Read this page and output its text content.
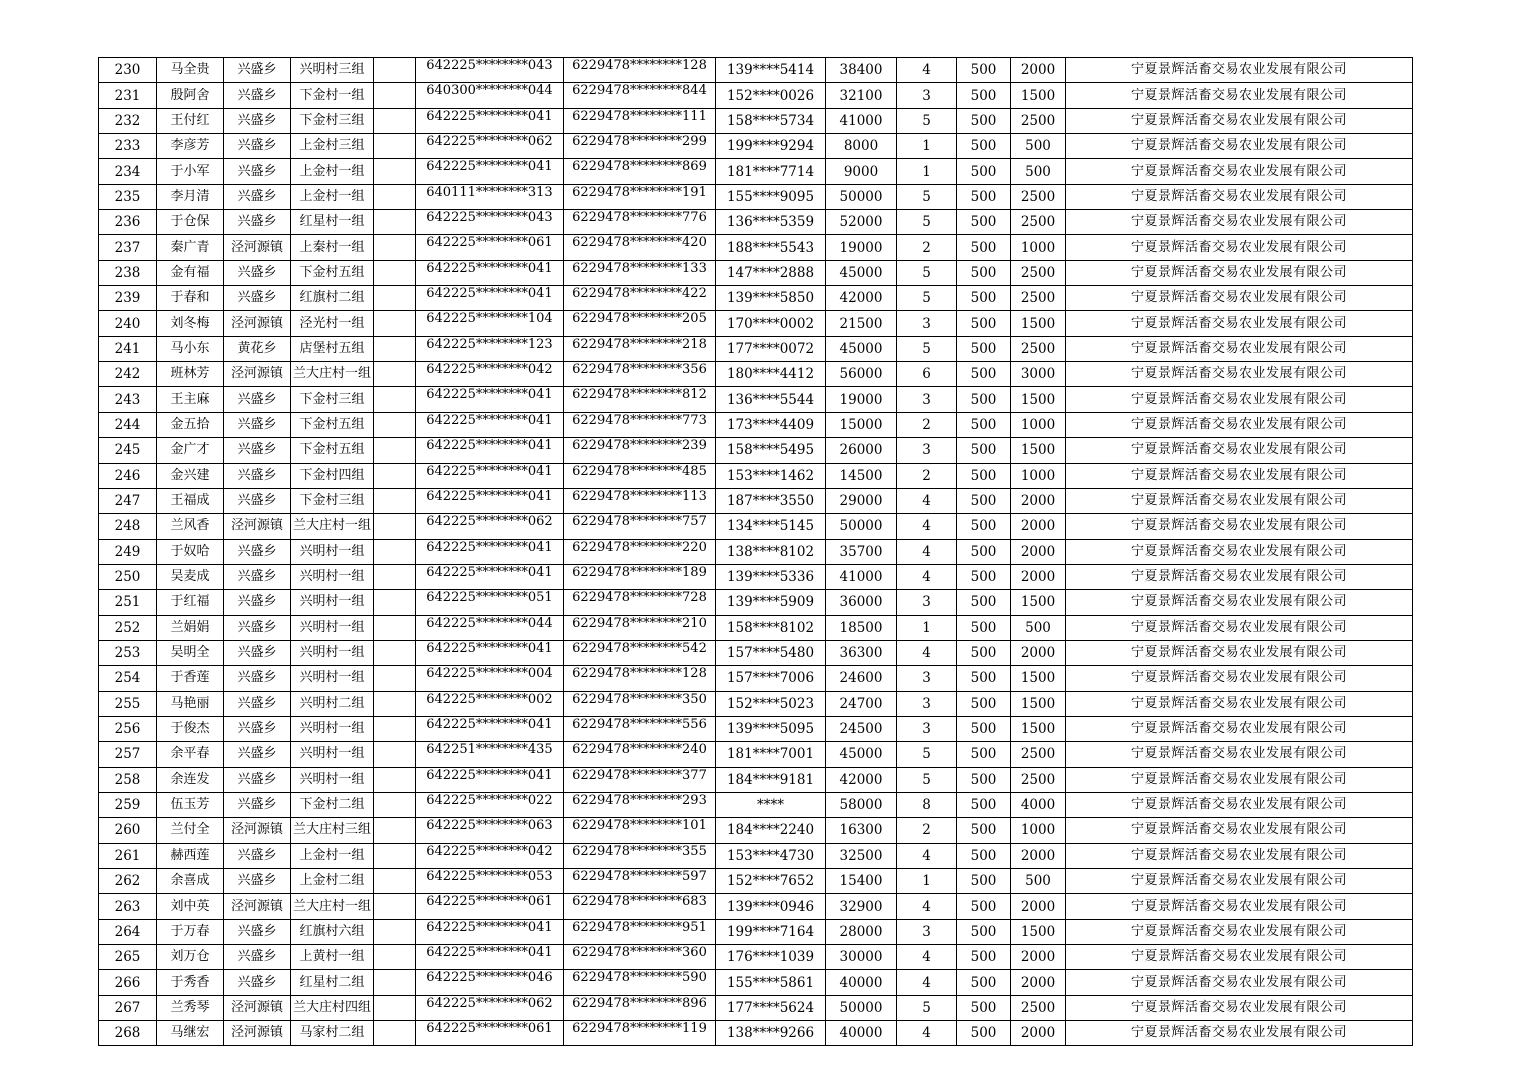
230	马全贵	兴盛乡	兴明村三组		642225********043	6229478********128	139****5414	38400	4	500	2000	宁夏景辉活畜交易农业发展有限公司
231	殷阿舍	兴盛乡	下金村一组		640300********044	6229478********844	152****0026	32100	3	500	1500	宁夏景辉活畜交易农业发展有限公司
232	王付红	兴盛乡	下金村三组		642225********041	6229478********111	158****5734	41000	5	500	2500	宁夏景辉活畜交易农业发展有限公司
233	李彦芳	兴盛乡	上金村三组		642225********062	6229478********299	199****9294	8000	1	500	500	宁夏景辉活畜交易农业发展有限公司
234	于小军	兴盛乡	上金村一组		642225********041	6229478********869	181****7714	9000	1	500	500	宁夏景辉活畜交易农业发展有限公司
235	李月清	兴盛乡	上金村一组		640111********313	6229478********191	155****9095	50000	5	500	2500	宁夏景辉活畜交易农业发展有限公司
236	于仓保	兴盛乡	红星村一组		642225********043	6229478********776	136****5359	52000	5	500	2500	宁夏景辉活畜交易农业发展有限公司
237	秦广青	泾河源镇	上秦村一组		642225********061	6229478********420	188****5543	19000	2	500	1000	宁夏景辉活畜交易农业发展有限公司
238	金有福	兴盛乡	下金村五组		642225********041	6229478********133	147****2888	45000	5	500	2500	宁夏景辉活畜交易农业发展有限公司
239	于春和	兴盛乡	红旗村二组		642225********041	6229478********422	139****5850	42000	5	500	2500	宁夏景辉活畜交易农业发展有限公司
240	刘冬梅	泾河源镇	泾光村一组		642225********104	6229478********205	170****0002	21500	3	500	1500	宁夏景辉活畜交易农业发展有限公司
241	马小东	黄花乡	店堡村五组		642225********123	6229478********218	177****0072	45000	5	500	2500	宁夏景辉活畜交易农业发展有限公司
242	班林芳	泾河源镇	兰大庄村一组		642225********042	6229478********356	180****4412	56000	6	500	3000	宁夏景辉活畜交易农业发展有限公司
243	王主麻	兴盛乡	下金村三组		642225********041	6229478********812	136****5544	19000	3	500	1500	宁夏景辉活畜交易农业发展有限公司
244	金五拾	兴盛乡	下金村五组		642225********041	6229478********773	173****4409	15000	2	500	1000	宁夏景辉活畜交易农业发展有限公司
245	金广才	兴盛乡	下金村五组		642225********041	6229478********239	158****5495	26000	3	500	1500	宁夏景辉活畜交易农业发展有限公司
246	金兴建	兴盛乡	下金村四组		642225********041	6229478********485	153****1462	14500	2	500	1000	宁夏景辉活畜交易农业发展有限公司
247	王福成	兴盛乡	下金村三组		642225********041	6229478********113	187****3550	29000	4	500	2000	宁夏景辉活畜交易农业发展有限公司
248	兰风香	泾河源镇	兰大庄村一组		642225********062	6229478********757	134****5145	50000	4	500	2000	宁夏景辉活畜交易农业发展有限公司
249	于奴哈	兴盛乡	兴明村一组		642225********041	6229478********220	138****8102	35700	4	500	2000	宁夏景辉活畜交易农业发展有限公司
250	吴麦成	兴盛乡	兴明村一组		642225********041	6229478********189	139****5336	41000	4	500	2000	宁夏景辉活畜交易农业发展有限公司
251	于红福	兴盛乡	兴明村一组		642225********051	6229478********728	139****5909	36000	3	500	1500	宁夏景辉活畜交易农业发展有限公司
252	兰娟娟	兴盛乡	兴明村一组		642225********044	6229478********210	158****8102	18500	1	500	500	宁夏景辉活畜交易农业发展有限公司
253	吴明全	兴盛乡	兴明村一组		642225********041	6229478********542	157****5480	36300	4	500	2000	宁夏景辉活畜交易农业发展有限公司
254	于香莲	兴盛乡	兴明村一组		642225********004	6229478********128	157****7006	24600	3	500	1500	宁夏景辉活畜交易农业发展有限公司
255	马艳丽	兴盛乡	兴明村二组		642225********002	6229478********350	152****5023	24700	3	500	1500	宁夏景辉活畜交易农业发展有限公司
256	于俊杰	兴盛乡	兴明村一组		642225********041	6229478********556	139****5095	24500	3	500	1500	宁夏景辉活畜交易农业发展有限公司
257	余平春	兴盛乡	兴明村一组		642251********435	6229478********240	181****7001	45000	5	500	2500	宁夏景辉活畜交易农业发展有限公司
258	余连发	兴盛乡	兴明村一组		642225********041	6229478********377	184****9181	42000	5	500	2500	宁夏景辉活畜交易农业发展有限公司
259	伍玉芳	兴盛乡	下金村二组		642225********022	6229478********293	****	58000	8	500	4000	宁夏景辉活畜交易农业发展有限公司
260	兰付全	泾河源镇	兰大庄村三组		642225********063	6229478********101	184****2240	16300	2	500	1000	宁夏景辉活畜交易农业发展有限公司
261	赫西莲	兴盛乡	上金村一组		642225********042	6229478********355	153****4730	32500	4	500	2000	宁夏景辉活畜交易农业发展有限公司
262	余喜成	兴盛乡	上金村二组		642225********053	6229478********597	152****7652	15400	1	500	500	宁夏景辉活畜交易农业发展有限公司
263	刘中英	泾河源镇	兰大庄村一组		642225********061	6229478********683	139****0946	32900	4	500	2000	宁夏景辉活畜交易农业发展有限公司
264	于万春	兴盛乡	红旗村六组		642225********041	6229478********951	199****7164	28000	3	500	1500	宁夏景辉活畜交易农业发展有限公司
265	刘万仓	兴盛乡	上黄村一组		642225********041	6229478********360	176****1039	30000	4	500	2000	宁夏景辉活畜交易农业发展有限公司
266	于秀香	兴盛乡	红星村二组		642225********046	6229478********590	155****5861	40000	4	500	2000	宁夏景辉活畜交易农业发展有限公司
267	兰秀琴	泾河源镇	兰大庄村四组		642225********062	6229478********896	177****5624	50000	5	500	2500	宁夏景辉活畜交易农业发展有限公司
268	马继宏	泾河源镇	马家村二组		642225********061	6229478********119	138****9266	40000	4	500	2000	宁夏景辉活畜交易农业发展有限公司
